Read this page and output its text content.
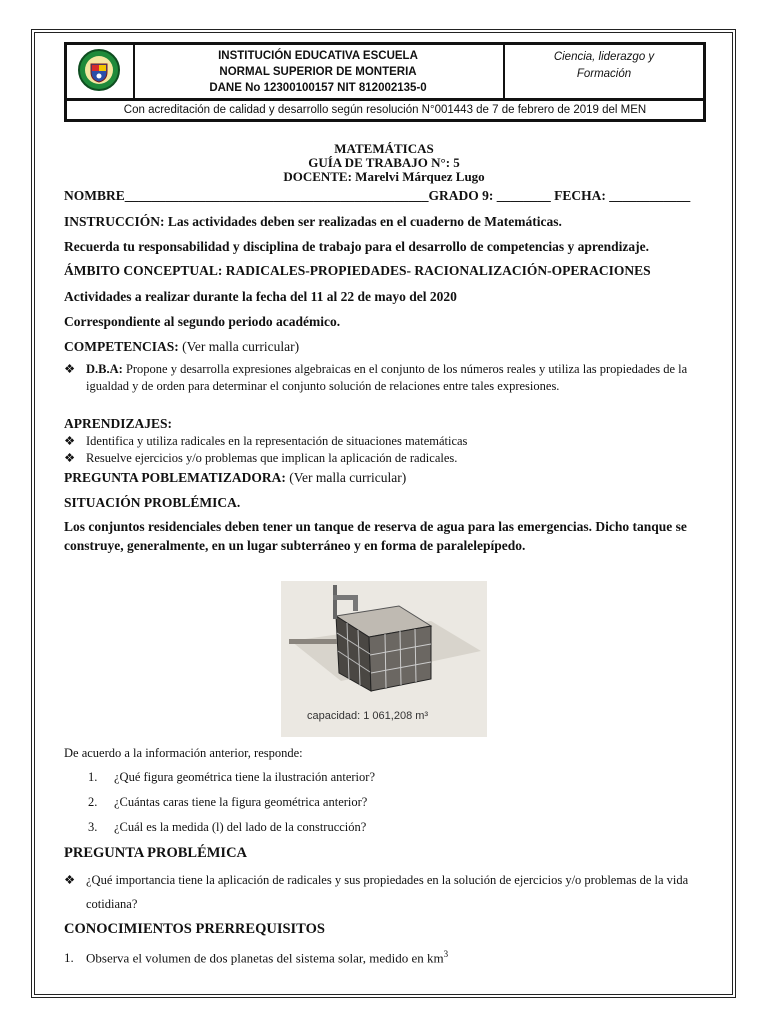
INSTITUCIÓN EDUCATIVA ESCUELA
NORMAL SUPERIOR DE MONTERIA
DANE No 12300100157 NIT 812002135-0
Ciencia, liderazgo y
Formación
Con acreditación de calidad y desarrollo según resolución N°001443 de 7 de febrero de 2019 del MEN
MATEMÁTICAS
GUÍA DE TRABAJO N°: 5
DOCENTE: Marelvi Márquez Lugo
NOMBRE_____________________________________________GRADO 9: ________ FECHA: ____________
INSTRUCCIÓN: Las actividades deben ser realizadas en el cuaderno de Matemáticas.
Recuerda tu responsabilidad y disciplina de trabajo para el desarrollo de competencias y aprendizaje.
ÁMBITO CONCEPTUAL: RADICALES-PROPIEDADES- RACIONALIZACIÓN-OPERACIONES
Actividades a realizar durante la fecha del 11 al 22 de mayo del 2020
Correspondiente al segundo periodo académico.
COMPETENCIAS: (Ver malla curricular)
❖ D.B.A: Propone y desarrolla expresiones algebraicas en el conjunto de los números reales y utiliza las propiedades de la igualdad y de orden para determinar el conjunto solución de relaciones entre tales expresiones.
APRENDIZAJES:
❖ Identifica y utiliza radicales en la representación de situaciones matemáticas
❖ Resuelve ejercicios y/o problemas que implican la aplicación de radicales.
PREGUNTA POBLEMATIZADORA: (Ver malla curricular)
SITUACIÓN PROBLÉMICA.
Los conjuntos residenciales deben tener un tanque de reserva de agua para las emergencias. Dicho tanque se construye, generalmente, en un lugar subterráneo y en forma de paralelepípedo.
capacidad: 1 061,208 m³
De acuerdo a la información anterior, responde:
1. ¿Qué figura geométrica tiene la ilustración anterior?
2. ¿Cuántas caras tiene la figura geométrica anterior?
3. ¿Cuál es la medida (l) del lado de la construcción?
PREGUNTA PROBLÉMICA
❖ ¿Qué importancia tiene la aplicación de radicales y sus propiedades en la solución de ejercicios y/o problemas de la vida cotidiana?
CONOCIMIENTOS PRERREQUISITOS
1. Observa el volumen de dos planetas del sistema solar, medido en $km^3$
